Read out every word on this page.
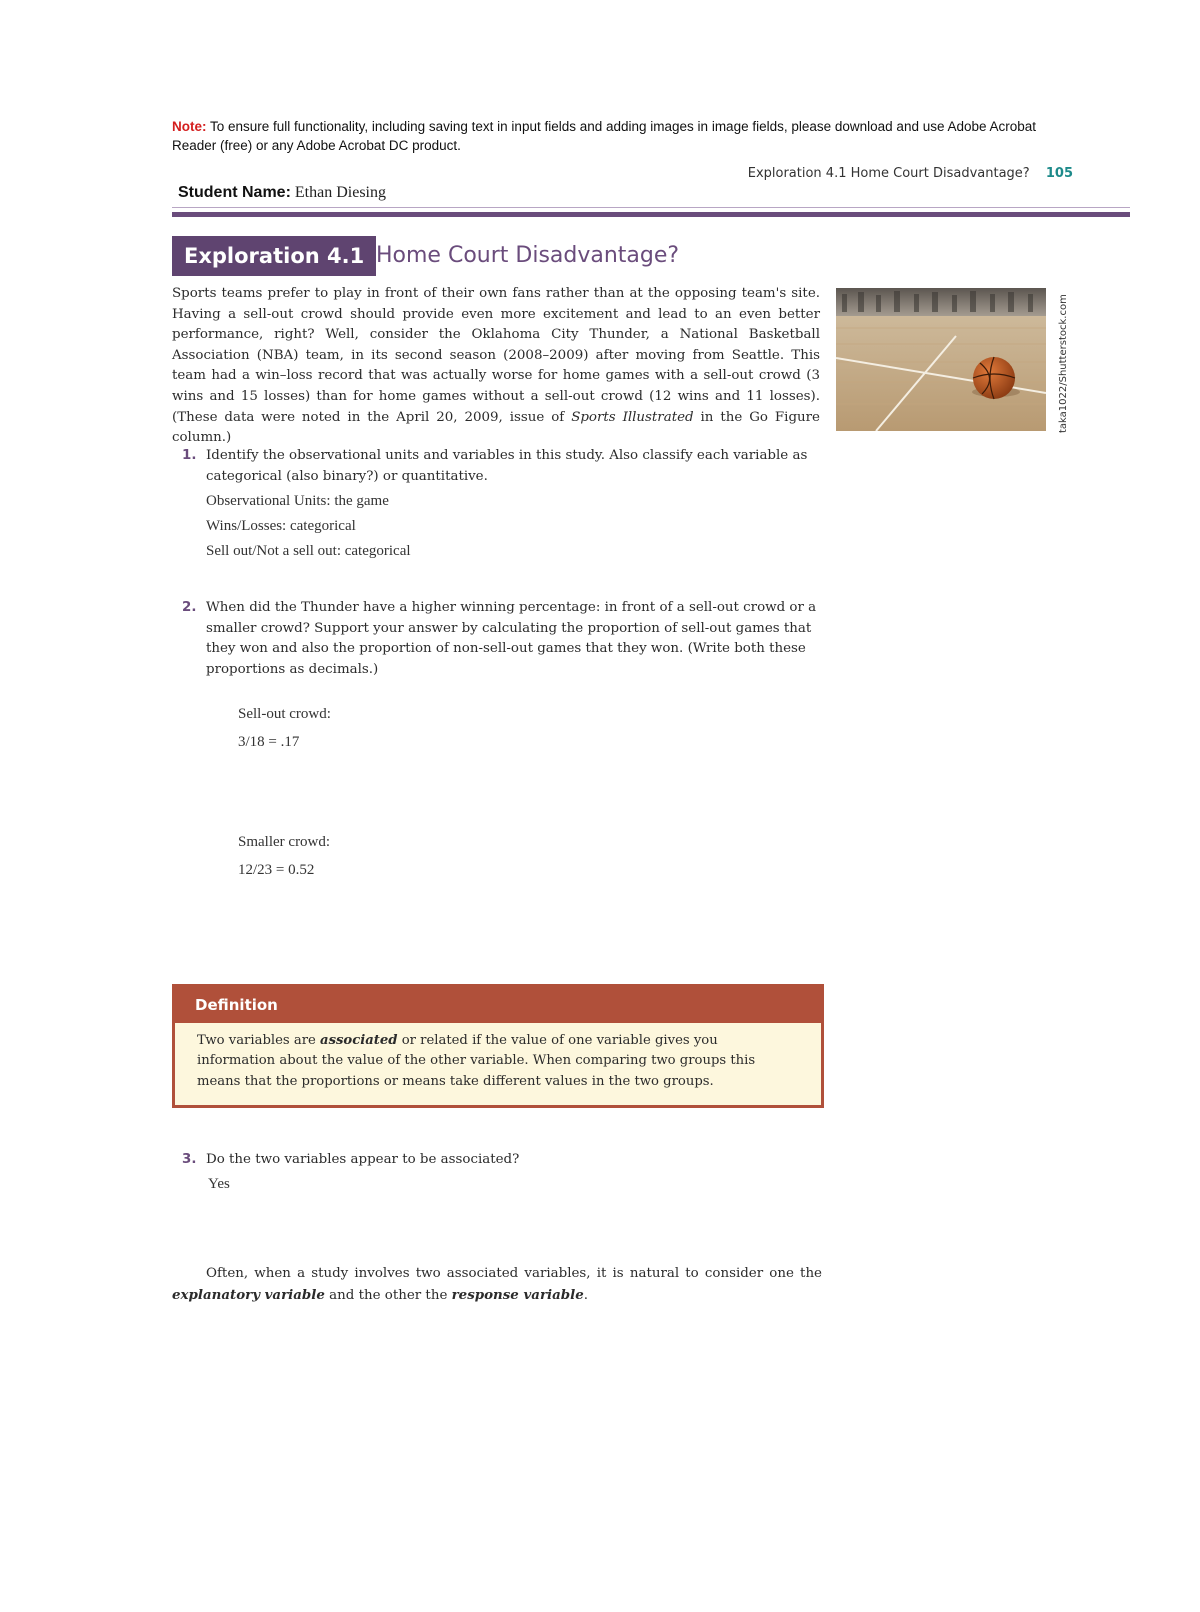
Note: To ensure full functionality, including saving text in input fields and adding images in image fields, please download and use Adobe Acrobat Reader (free) or any Adobe Acrobat DC product.
Exploration 4.1 Home Court Disadvantage? 105
Student Name: Ethan Diesing
Exploration 4.1 Home Court Disadvantage?
Sports teams prefer to play in front of their own fans rather than at the opposing team's site. Having a sell-out crowd should provide even more excitement and lead to an even better performance, right? Well, consider the Oklahoma City Thunder, a National Basketball Association (NBA) team, in its second season (2008–2009) after moving from Seattle. This team had a win–loss record that was actually worse for home games with a sell-out crowd (3 wins and 15 losses) than for home games without a sell-out crowd (12 wins and 11 losses). (These data were noted in the April 20, 2009, issue of Sports Illustrated in the Go Figure column.)
taka1022/Shutterstock.com
1. Identify the observational units and variables in this study. Also classify each variable as categorical (also binary?) or quantitative.
Observational Units: the game
Wins/Losses: categorical
Sell out/Not a sell out: categorical
2. When did the Thunder have a higher winning percentage: in front of a sell-out crowd or a smaller crowd? Support your answer by calculating the proportion of sell-out games that they won and also the proportion of non-sell-out games that they won. (Write both these proportions as decimals.)
Sell-out crowd:
3/18 = .17
Smaller crowd:
12/23 = 0.52
Definition
Two variables are associated or related if the value of one variable gives you information about the value of the other variable. When comparing two groups this means that the proportions or means take different values in the two groups.
3. Do the two variables appear to be associated?
Yes
Often, when a study involves two associated variables, it is natural to consider one the explanatory variable and the other the response variable.
